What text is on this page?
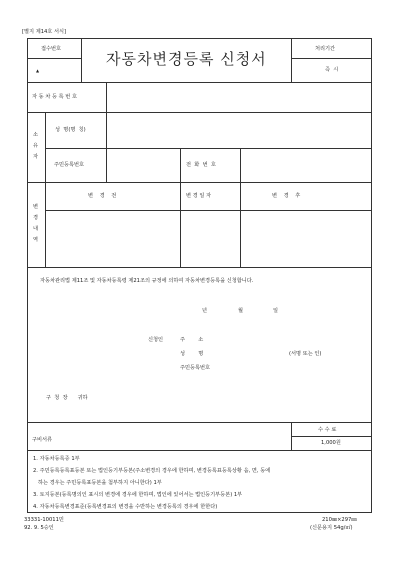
[별지 제14호 서식]
접수번호
▲
자동차변경등록 신청서
처리기간
즉  시
자 동 차 등 록 번 호
소
유
자
성  명(명  칭)
주민등록번호	전  화  번  호
변
경
내
역
변    경    전	변 경 일 자	변    경    후
자동차관리법 제11조 및 자동차등록령 제21조의 규정에 의하여 자동차변경등록을 신청합니다.
년	월	일
신청인	주        소
성        명	(서명 또는 인)
주민등록번호
구  청  장      귀하
구비서류
수 수 료
1,000원
1. 자동차등록증 1부
2. 주민등록등록표등본 또는 법인등기부등본(주소변경의 경우에 한하며, 변경등록표등록상황 읍, 면, 동에
하는 경우는 주민등록표등본을 첨부하지 아니한다) 1부
3. 토지등본(등록명의인 표시의 변경에 경우에 한하며, 법인에 있어서는 법인등기부등본) 1부
4. 자동차등록변경표준(등록변경표의 변경을 수반하는 변경등록의 경우에 한한다)
33331-10011민
92. 9. 5승인
210㎜×297㎜
(신문용지 54g/㎡)
